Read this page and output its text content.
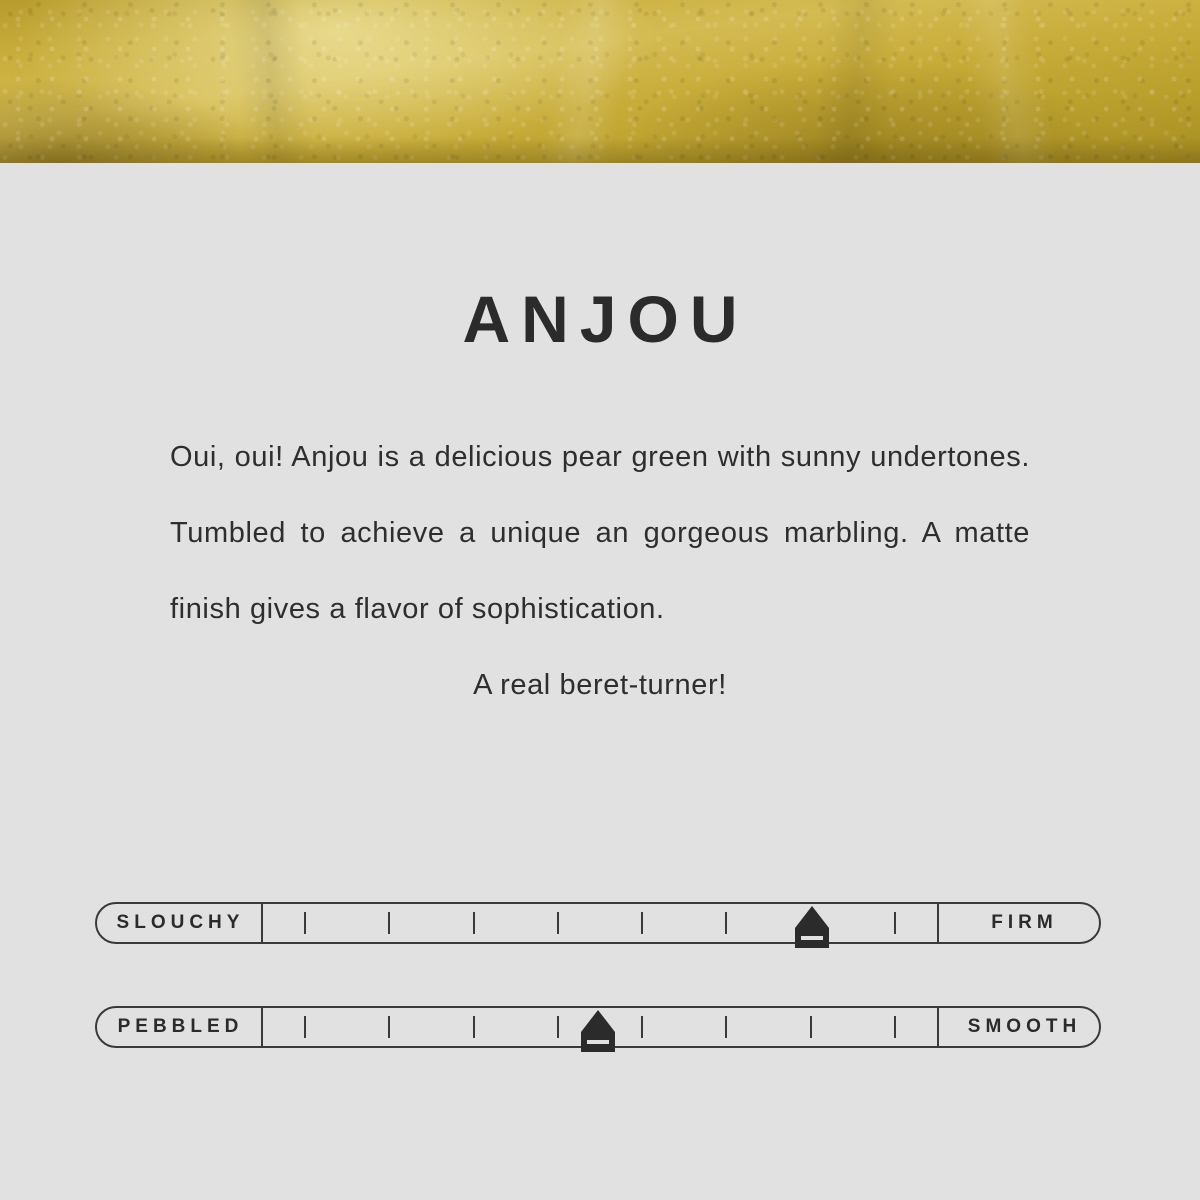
ANJOU
Oui, oui! Anjou is a delicious pear green with sunny undertones. Tumbled to achieve a unique an gorgeous marbling. A matte finish gives a flavor of sophistication.
A real beret-turner!
SLOUCHY	FIRM
PEBBLED	SMOOTH
